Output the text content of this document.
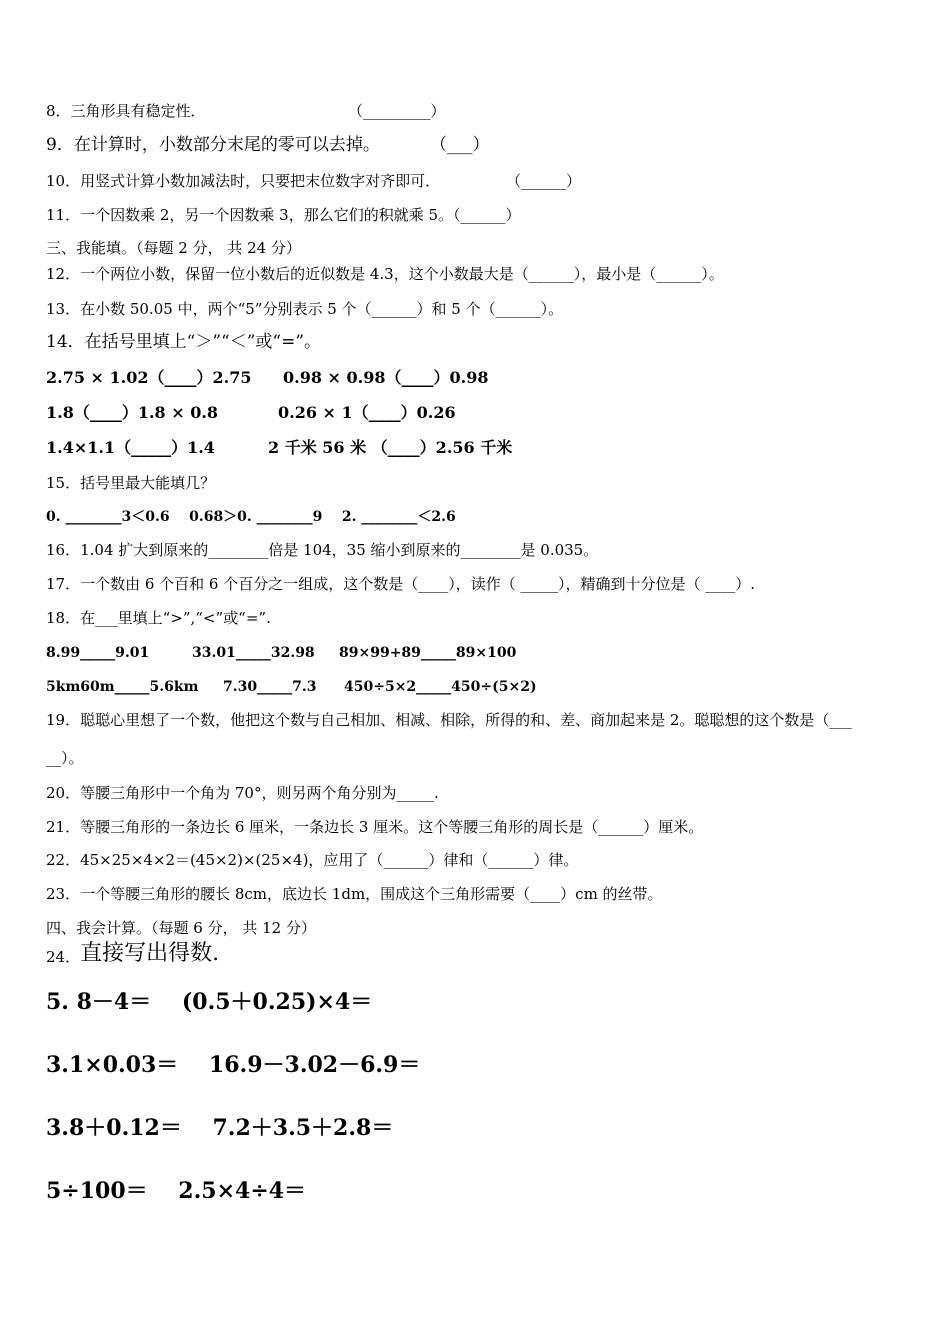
8．三角形具有稳定性．	（_________）
9．在计算时，小数部分末尾的零可以去掉。	（___）
10．用竖式计算小数加减法时，只要把末位数字对齐即可．	（______）
11．一个因数乘 2，另一个因数乘 3，那么它们的积就乘 5。（______）
三、我能填。（每题 2 分， 共 24 分）
12．一个两位小数，保留一位小数后的近似数是 4.3，这个小数最大是（______），最小是（______）。
13．在小数 50.05 中，两个“5”分别表示 5 个（______）和 5 个（______）。
14．在括号里填上“＞”“＜”或“=”。
2.75 × 1.02（____）2.75 0.98 × 0.98（____）0.98
1.8（____）1.8 × 0.8	0.26 × 1（____）0.26
1.4×1.1（_____）1.4	2 千米 56 米 （____）2.56 千米
15．括号里最大能填几？
0. ________3＜0.6    0.68＞0. ________9    2. ________＜2.6
16．1.04 扩大到原来的________倍是 104，35 缩小到原来的________是 0.035。
17．一个数由 6 个百和 6 个百分之一组成，这个数是（____），读作（ _____），精确到十分位是（ ____）.
18．在___里填上“>”,“<”或“=”.
8.99_____9.01	33.01_____32.98 89×99+89_____89×100
5km60m_____5.6km 7.30_____7.3 450÷5×2_____450÷(5×2)
19．聪聪心里想了一个数，他把这个数与自己相加、相减、相除，所得的和、差、商加起来是 2。聪聪想的这个数是（___
__）。
20．等腰三角形中一个角为 70°，则另两个角分别为_____.
21．等腰三角形的一条边长 6 厘米，一条边长 3 厘米。这个等腰三角形的周长是（______）厘米。
22．45×25×4×2＝(45×2)×(25×4)，应用了（______）律和（______）律。
23．一个等腰三角形的腰长 8cm，底边长 1dm，围成这个三角形需要（____）cm 的丝带。
四、我会计算。（每题 6 分， 共 12 分）
24．直接写出得数.
5. 8－4＝    (0.5＋0.25)×4＝
3.1×0.03＝    16.9－3.02－6.9＝
3.8＋0.12＝    7.2＋3.5＋2.8＝
5÷100＝    2.5×4÷4＝
